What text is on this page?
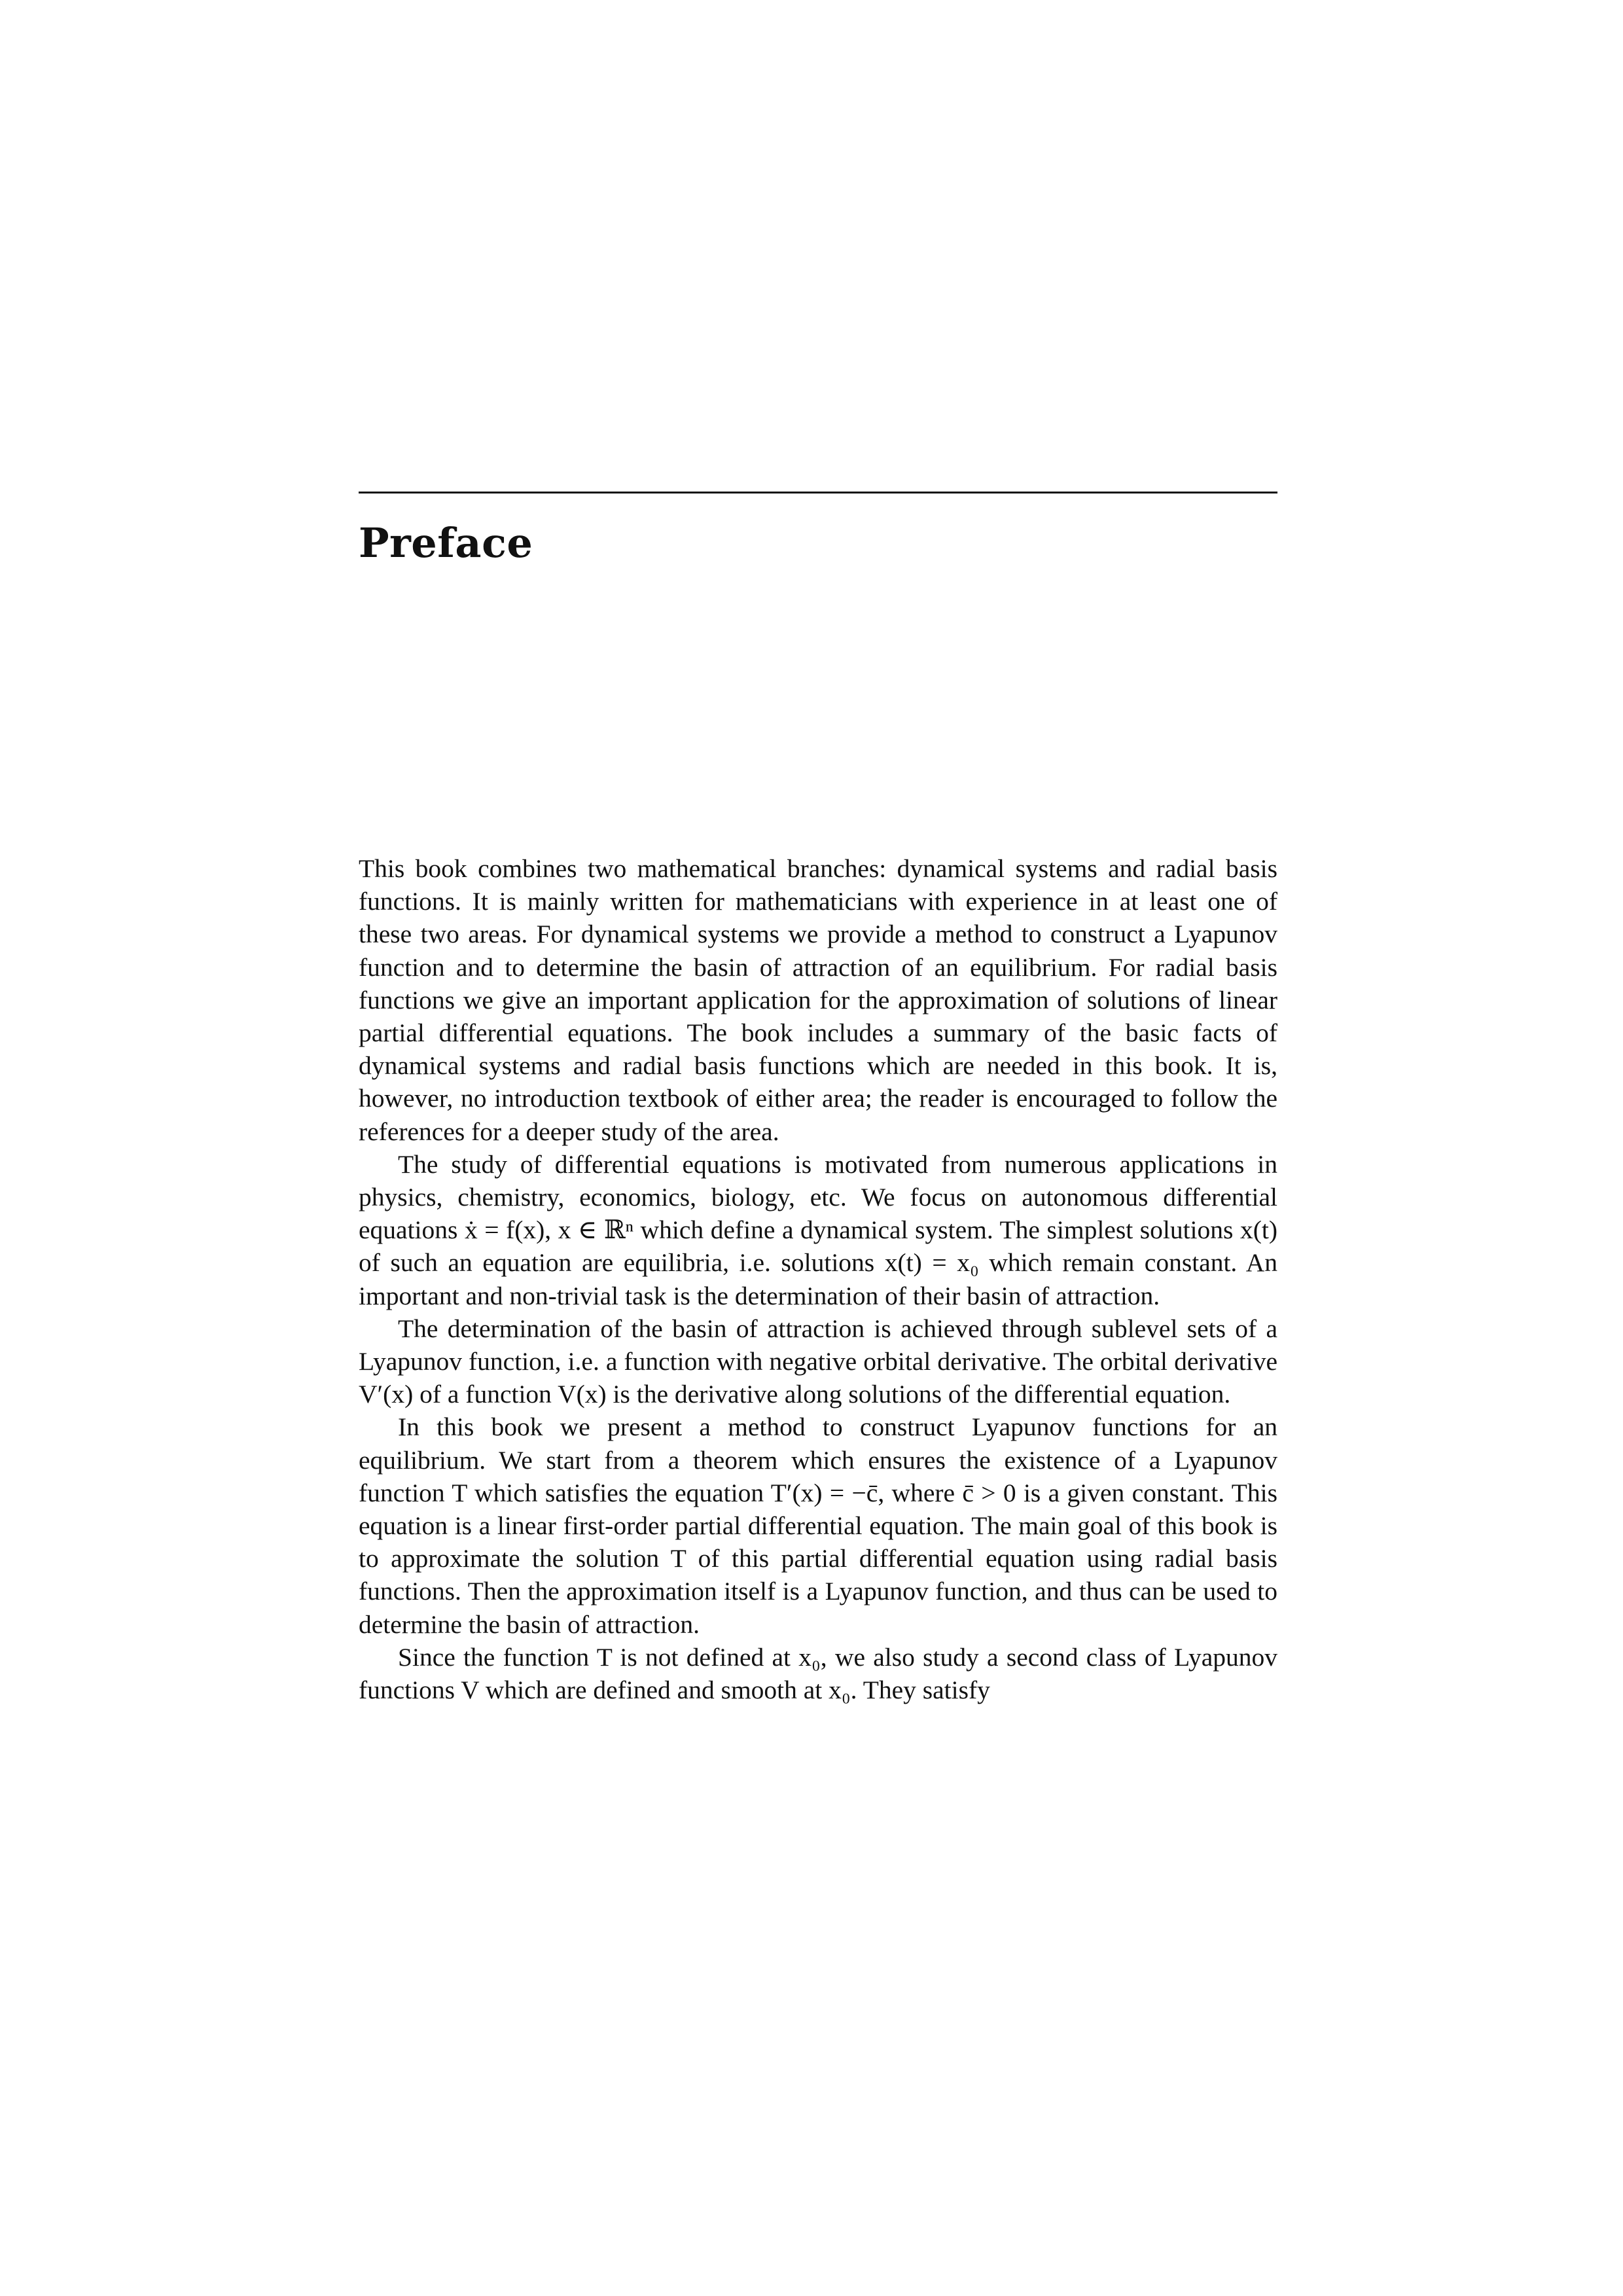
Preface

This book combines two mathematical branches: dynamical systems and radial basis functions. It is mainly written for mathematicians with experience in at least one of these two areas. For dynamical systems we provide a method to construct a Lyapunov function and to determine the basin of attraction of an equilibrium. For radial basis functions we give an important application for the approximation of solutions of linear partial differential equations. The book includes a summary of the basic facts of dynamical systems and radial basis functions which are needed in this book. It is, however, no introduction textbook of either area; the reader is encouraged to follow the references for a deeper study of the area.

The study of differential equations is motivated from numerous applications in physics, chemistry, economics, biology, etc. We focus on autonomous differential equations ẋ = f(x), x ∈ ℝⁿ which define a dynamical system. The simplest solutions x(t) of such an equation are equilibria, i.e. solutions x(t) = x₀ which remain constant. An important and non-trivial task is the determination of their basin of attraction.

The determination of the basin of attraction is achieved through sublevel sets of a Lyapunov function, i.e. a function with negative orbital derivative. The orbital derivative V′(x) of a function V(x) is the derivative along solutions of the differential equation.

In this book we present a method to construct Lyapunov functions for an equilibrium. We start from a theorem which ensures the existence of a Lyapunov function T which satisfies the equation T′(x) = −c̄, where c̄ > 0 is a given constant. This equation is a linear first-order partial differential equation. The main goal of this book is to approximate the solution T of this partial differential equation using radial basis functions. Then the approximation itself is a Lyapunov function, and thus can be used to determine the basin of attraction.

Since the function T is not defined at x₀, we also study a second class of Lyapunov functions V which are defined and smooth at x₀. They satisfy
